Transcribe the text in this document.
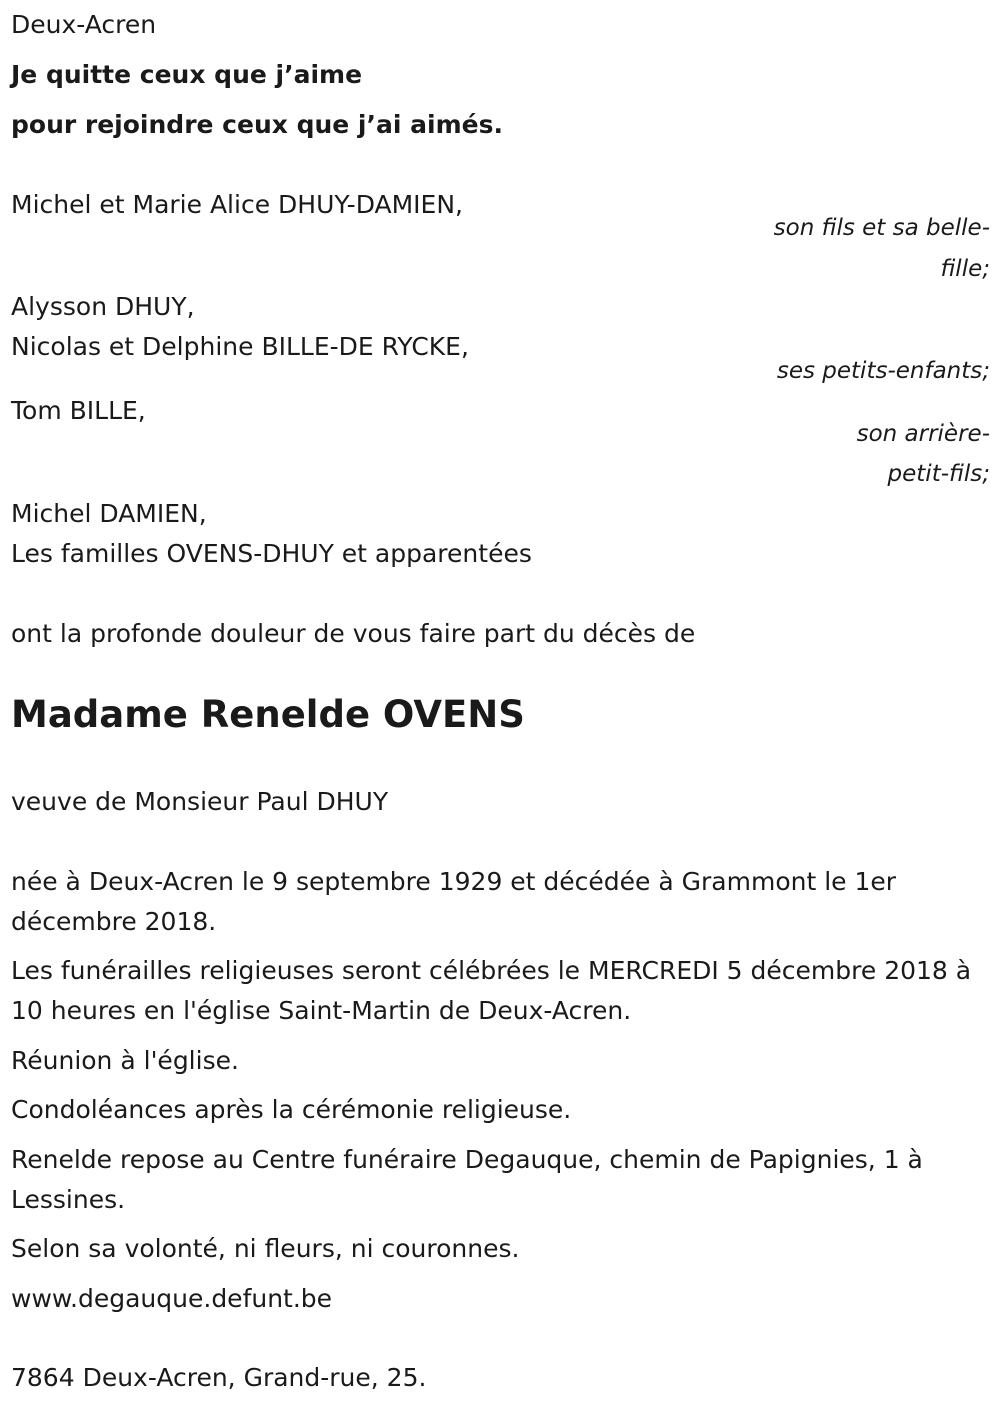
Deux-Acren
Je quitte ceux que j’aime
pour rejoindre ceux que j’ai aimés.
Michel et Marie Alice DHUY-DAMIEN,
son fils et sa belle-
fille;
Alysson DHUY,
Nicolas et Delphine BILLE-DE RYCKE,
ses petits-enfants;
Tom BILLE,
son arrière-
petit-fils;
Michel DAMIEN,
Les familles OVENS-DHUY et apparentées
ont la profonde douleur de vous faire part du décès de
Madame Renelde OVENS
veuve de Monsieur Paul DHUY
née à Deux-Acren le 9 septembre 1929 et décédée à Grammont le 1er décembre 2018.
Les funérailles religieuses seront célébrées le MERCREDI 5 décembre 2018 à 10 heures en l'église Saint-Martin de Deux-Acren.
Réunion à l'église.
Condoléances après la cérémonie religieuse.
Renelde repose au Centre funéraire Degauque, chemin de Papignies, 1 à Lessines.
Selon sa volonté, ni fleurs, ni couronnes.
www.degauque.defunt.be
7864 Deux-Acren, Grand-rue, 25.
